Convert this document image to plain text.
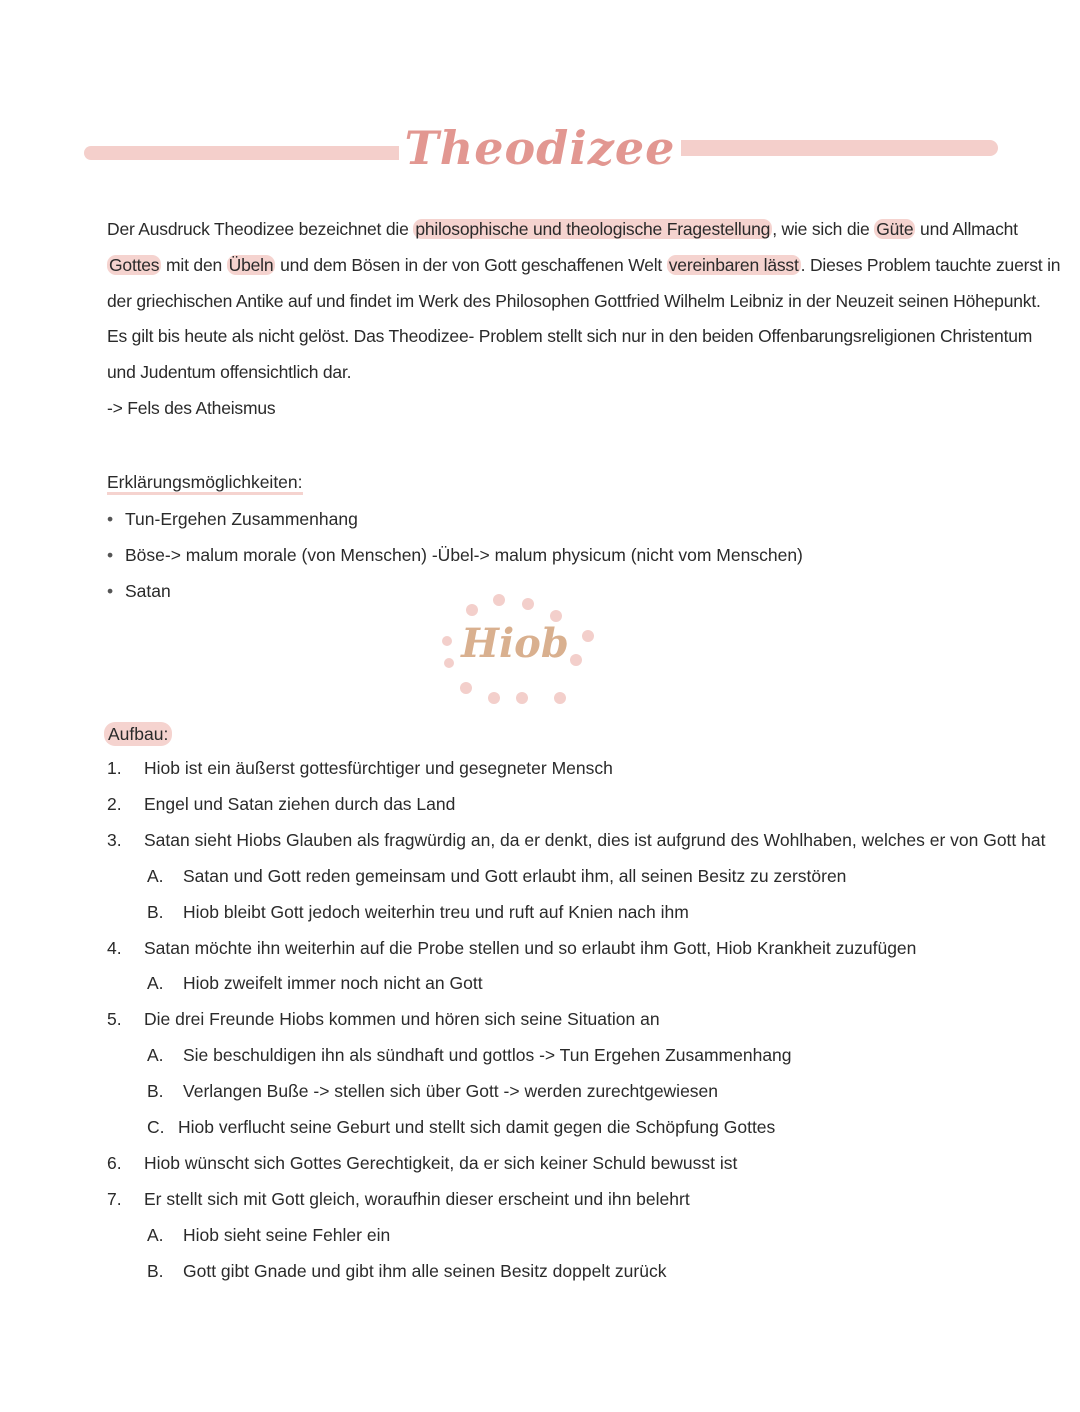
Theodizee
Der Ausdruck Theodizee bezeichnet die philosophische und theologische Fragestellung , wie sich die Güte und Allmacht
Gottes mit den Übeln und dem Bösen in der von Gott geschaffenen Welt vereinbaren lässt . Dieses Problem tauchte zuerst in
der griechischen Antike auf und findet im Werk des Philosophen Gottfried Wilhelm Leibniz in der Neuzeit seinen Höhepunkt.
Es gilt bis heute als nicht gelöst. Das Theodizee- Problem stellt sich nur in den beiden Offenbarungsreligionen Christentum
und Judentum offensichtlich dar.
-> Fels des Atheismus
Erklärungsmöglichkeiten:
• Tun-Ergehen Zusammenhang
• Böse-> malum morale (von Menschen) -Übel-> malum physicum (nicht vom Menschen)
• Satan
Hiob
Aufbau:
1.	Hiob ist ein äußerst gottesfürchtiger und gesegneter Mensch
2.	Engel und Satan ziehen durch das Land
3.	Satan sieht Hiobs Glauben als fragwürdig an, da er denkt, dies ist aufgrund des Wohlhaben, welches er von Gott hat
A.	Satan und Gott reden gemeinsam und Gott erlaubt ihm, all seinen Besitz zu zerstören
B.	Hiob bleibt Gott jedoch weiterhin treu und ruft auf Knien nach ihm
4.	Satan möchte ihn weiterhin auf die Probe stellen und so erlaubt ihm Gott, Hiob Krankheit zuzufügen
A.	Hiob zweifelt immer noch nicht an Gott
5.	Die drei Freunde Hiobs kommen und hören sich seine Situation an
A.	Sie beschuldigen ihn als sündhaft und gottlos -> Tun Ergehen Zusammenhang
B.	Verlangen Buße -> stellen sich über Gott -> werden zurechtgewiesen
C. Hiob verflucht seine Geburt und stellt sich damit gegen die Schöpfung Gottes
6.	Hiob wünscht sich Gottes Gerechtigkeit, da er sich keiner Schuld bewusst ist
7.	Er stellt sich mit Gott gleich, woraufhin dieser erscheint und ihn belehrt
A.	Hiob sieht seine Fehler ein
B.	Gott gibt Gnade und gibt ihm alle seinen Besitz doppelt zurück
